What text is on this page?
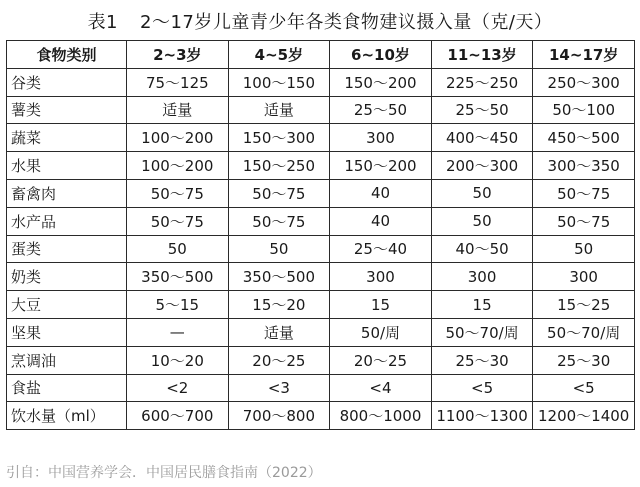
表1 2～17岁儿童青少年各类食物建议摄入量（克/天）
食物类别	2~3岁	4~5岁	6~10岁	11~13岁	14~17岁
谷类	75～125	100～150	150～200	225～250	250～300
薯类	适量	适量	25～50	25～50	50～100
蔬菜	100～200	150～300	300	400～450	450～500
水果	100～200	150～250	150～200	200～300	300～350
畜禽肉	50～75	50～75	40	50	50～75
水产品	50～75	50～75	40	50	50～75
蛋类	50	50	25～40	40～50	50
奶类	350～500	350～500	300	300	300
大豆	5～15	15～20	15	15	15～25
坚果	—	适量	50/周	50～70/周	50～70/周
烹调油	10～20	20～25	20～25	25～30	25～30
食盐	<2	<3	<4	<5	<5
饮水量（ml）	600～700	700～800	800～1000	1100～1300	1200～1400
引自：中国营养学会．中国居民膳食指南（2022）
